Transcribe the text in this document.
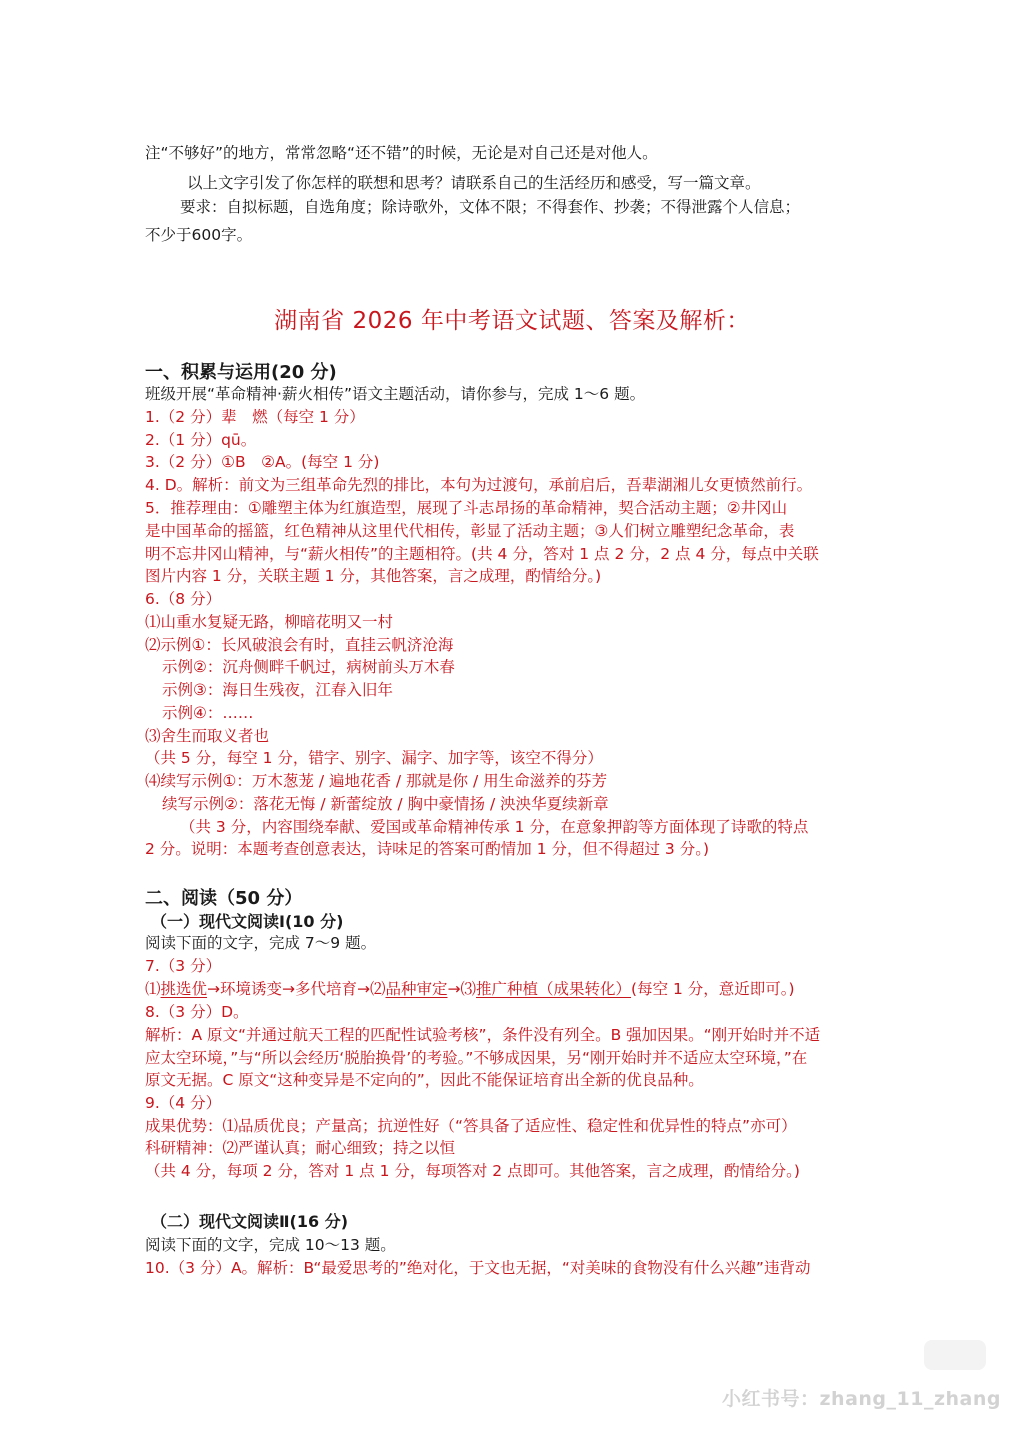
注“不够好”的地方，常常忽略“还不错”的时候，无论是对自己还是对他人。
以上文字引发了你怎样的联想和思考？请联系自己的生活经历和感受，写一篇文章。
要求：自拟标题，自选角度；除诗歌外，文体不限；不得套作、抄袭；不得泄露个人信息；
不少于600字。
湖南省 2026 年中考语文试题、答案及解析：
一、积累与运用(20 分)
班级开展“革命精神·薪火相传”语文主题活动，请你参与，完成 1～6 题。
1.（2 分）辈　燃（每空 1 分）
2.（1 分）qū。
3.（2 分）①B　②A。(每空 1 分)
4. D。解析：前文为三组革命先烈的排比，本句为过渡句，承前启后，吾辈湖湘儿女更愤然前行。
5．推荐理由：①雕塑主体为红旗造型，展现了斗志昂扬的革命精神，契合活动主题；②井冈山
是中国革命的摇篮，红色精神从这里代代相传，彰显了活动主题；③人们树立雕塑纪念革命，表
明不忘井冈山精神，与“薪火相传”的主题相符。(共 4 分，答对 1 点 2 分，2 点 4 分，每点中关联
图片内容 1 分，关联主题 1 分，其他答案，言之成理，酌情给分。)
6.（8 分）
⑴山重水复疑无路，柳暗花明又一村
⑵示例①：长风破浪会有时，直挂云帆济沧海
示例②：沉舟侧畔千帆过，病树前头万木春
示例③：海日生残夜，江春入旧年
示例④：……
⑶舍生而取义者也
（共 5 分，每空 1 分，错字、别字、漏字、加字等，该空不得分）
⑷续写示例①：万木葱茏 / 遍地花香 / 那就是你 / 用生命滋养的芬芳
续写示例②：落花无悔 / 新蕾绽放 / 胸中豪情扬 / 泱泱华夏续新章
（共 3 分，内容围绕奉献、爱国或革命精神传承 1 分，在意象押韵等方面体现了诗歌的特点
2 分。说明：本题考查创意表达，诗味足的答案可酌情加 1 分，但不得超过 3 分。)
二、阅读（50 分）
（一）现代文阅读Ⅰ(10 分)
阅读下面的文字，完成 7～9 题。
7.（3 分）
⑴挑选优→环境诱变→多代培育→⑵品种审定→⑶推广种植（成果转化）(每空 1 分，意近即可。)
8.（3 分）D。
解析：A 原文“并通过航天工程的匹配性试验考核”，条件没有列全。B 强加因果。“刚开始时并不适
应太空环境，”与“所以会经历‘脱胎换骨’的考验。”不够成因果，另“刚开始时并不适应太空环境，”在
原文无据。C 原文“这种变异是不定向的”，因此不能保证培育出全新的优良品种。
9.（4 分）
成果优势：⑴品质优良；产量高；抗逆性好（“答具备了适应性、稳定性和优异性的特点”亦可）
科研精神：⑵严谨认真；耐心细致；持之以恒
（共 4 分，每项 2 分，答对 1 点 1 分，每项答对 2 点即可。其他答案，言之成理，酌情给分。)
（二）现代文阅读Ⅱ(16 分)
阅读下面的文字，完成 10～13 题。
10.（3 分）A。解析：B“最爱思考的”绝对化，于文也无据，“对美味的食物没有什么兴趣”违背动
小红书号：zhang_11_zhang
